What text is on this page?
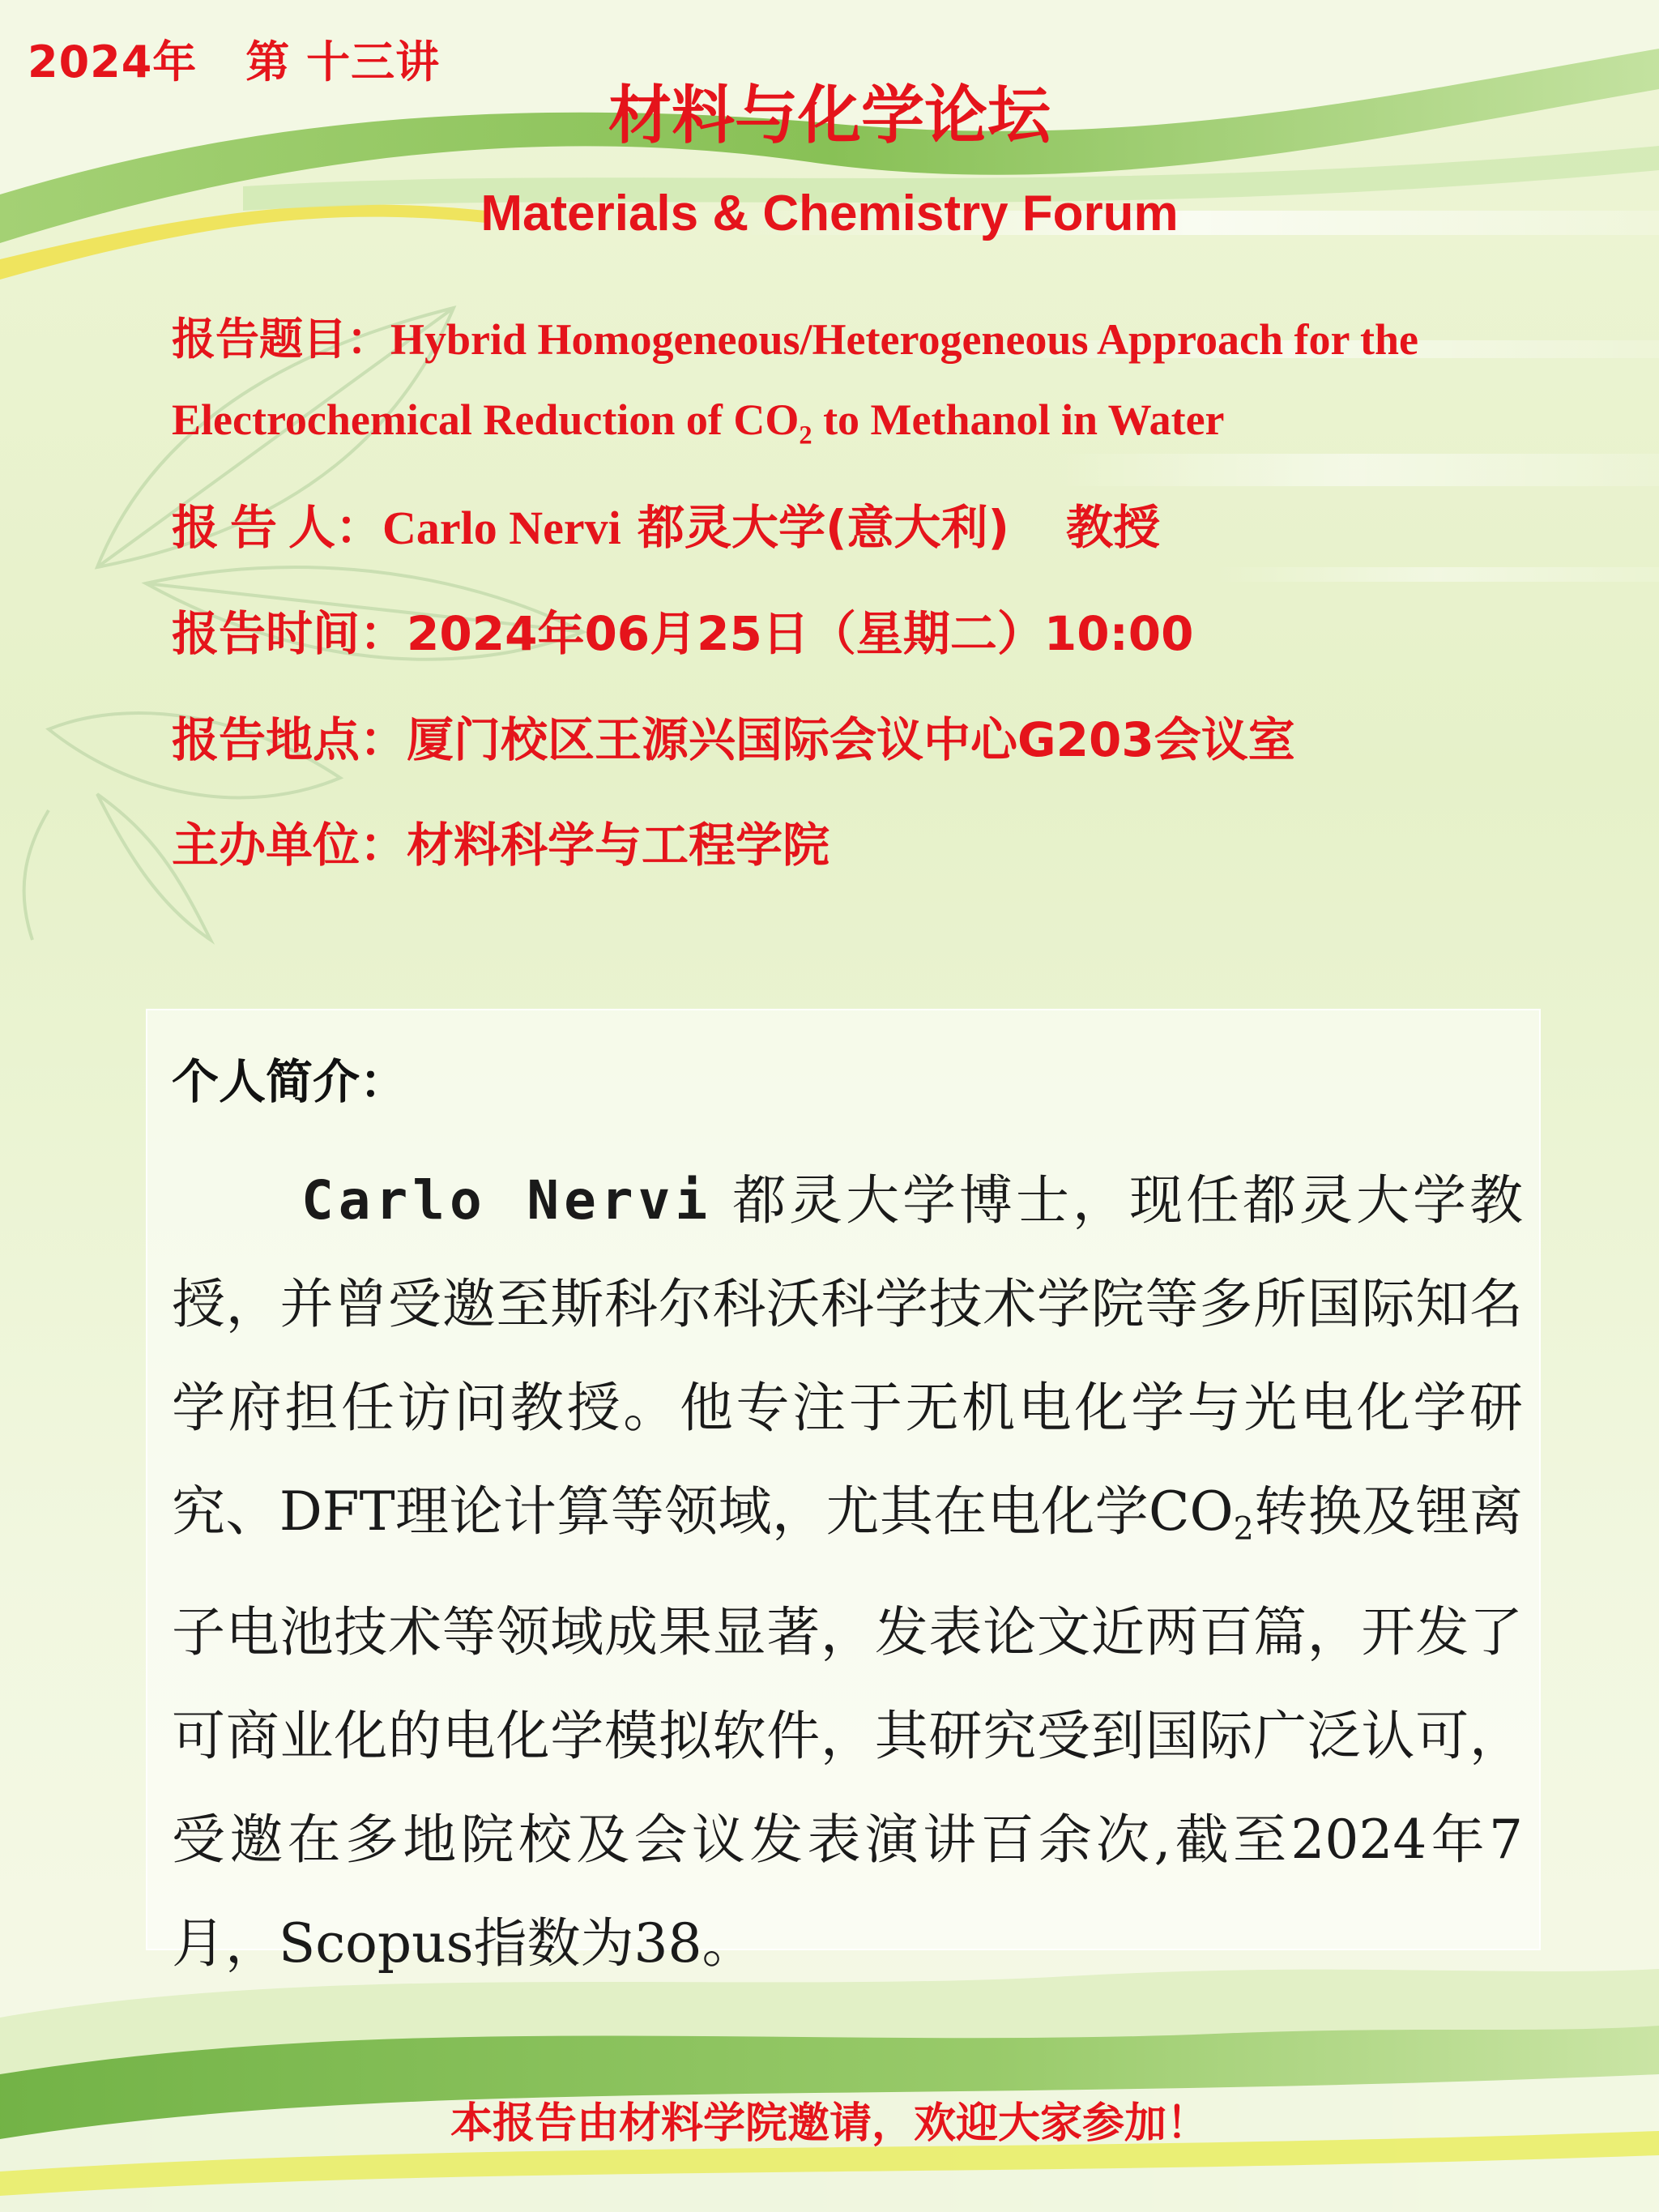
2024年 第 十三讲
材料与化学论坛
Materials & Chemistry Forum
报告题目：Hybrid Homogeneous/Heterogeneous Approach for the
Electrochemical Reduction of $CO_2$ to Methanol in Water
报 告 人：Carlo Nervi 都灵大学(意大利) 教授
报告时间：2024年06月25日（星期二）10:00
报告地点：厦门校区王源兴国际会议中心G203会议室
主办单位：材料科学与工程学院
个人简介：

Carlo Nervi 都灵大学博士，现任都灵大学教授，并曾受邀至斯科尔科沃科学技术学院等多所国际知名学府担任访问教授。他专注于无机电化学与光电化学研究、DFT理论计算等领域，尤其在电化学$CO_2$转换及锂离子电池技术等领域成果显著，发表论文近两百篇，开发了可商业化的电化学模拟软件，其研究受到国际广泛认可，受邀在多地院校及会议发表演讲百余次,截至2024年7月，Scopus指数为38。

本报告由材料学院邀请，欢迎大家参加！
